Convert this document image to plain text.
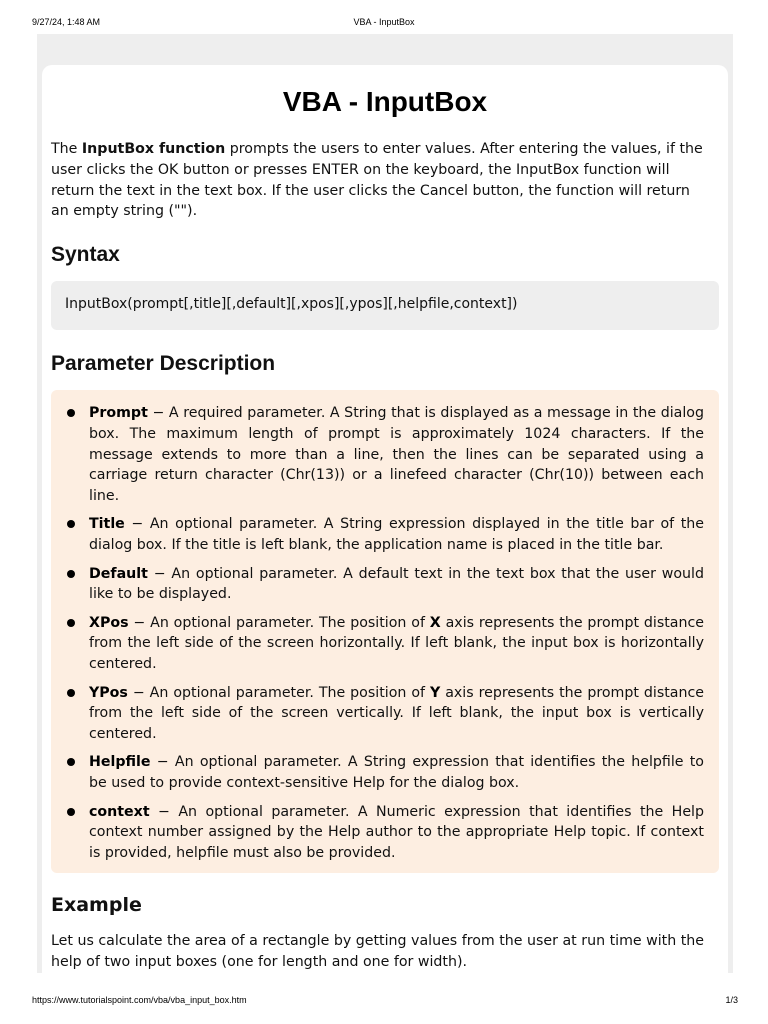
9/27/24, 1:48 AM	VBA - InputBox
VBA - InputBox

The InputBox function prompts the users to enter values. After entering the values, if the user clicks the OK button or presses ENTER on the keyboard, the InputBox function will return the text in the text box. If the user clicks the Cancel button, the function will return an empty string ("").

Syntax
InputBox(prompt[,title][,default][,xpos][,ypos][,helpfile,context])
Parameter Description
Prompt − A required parameter. A String that is displayed as a message in the dialog box. The maximum length of prompt is approximately 1024 characters. If the message extends to more than a line, then the lines can be separated using a carriage return character (Chr(13)) or a linefeed character (Chr(10)) between each line.
Title − An optional parameter. A String expression displayed in the title bar of the dialog box. If the title is left blank, the application name is placed in the title bar.
Default − An optional parameter. A default text in the text box that the user would like to be displayed.
XPos − An optional parameter. The position of X axis represents the prompt distance from the left side of the screen horizontally. If left blank, the input box is horizontally centered.
YPos − An optional parameter. The position of Y axis represents the prompt distance from the left side of the screen vertically. If left blank, the input box is vertically centered.
Helpfile − An optional parameter. A String expression that identifies the helpfile to be used to provide context-sensitive Help for the dialog box.
context − An optional parameter. A Numeric expression that identifies the Help context number assigned by the Help author to the appropriate Help topic. If context is provided, helpfile must also be provided.
Example

Let us calculate the area of a rectangle by getting values from the user at run time with the help of two input boxes (one for length and one for width).

https://www.tutorialspoint.com/vba/vba_input_box.htm	1/3
